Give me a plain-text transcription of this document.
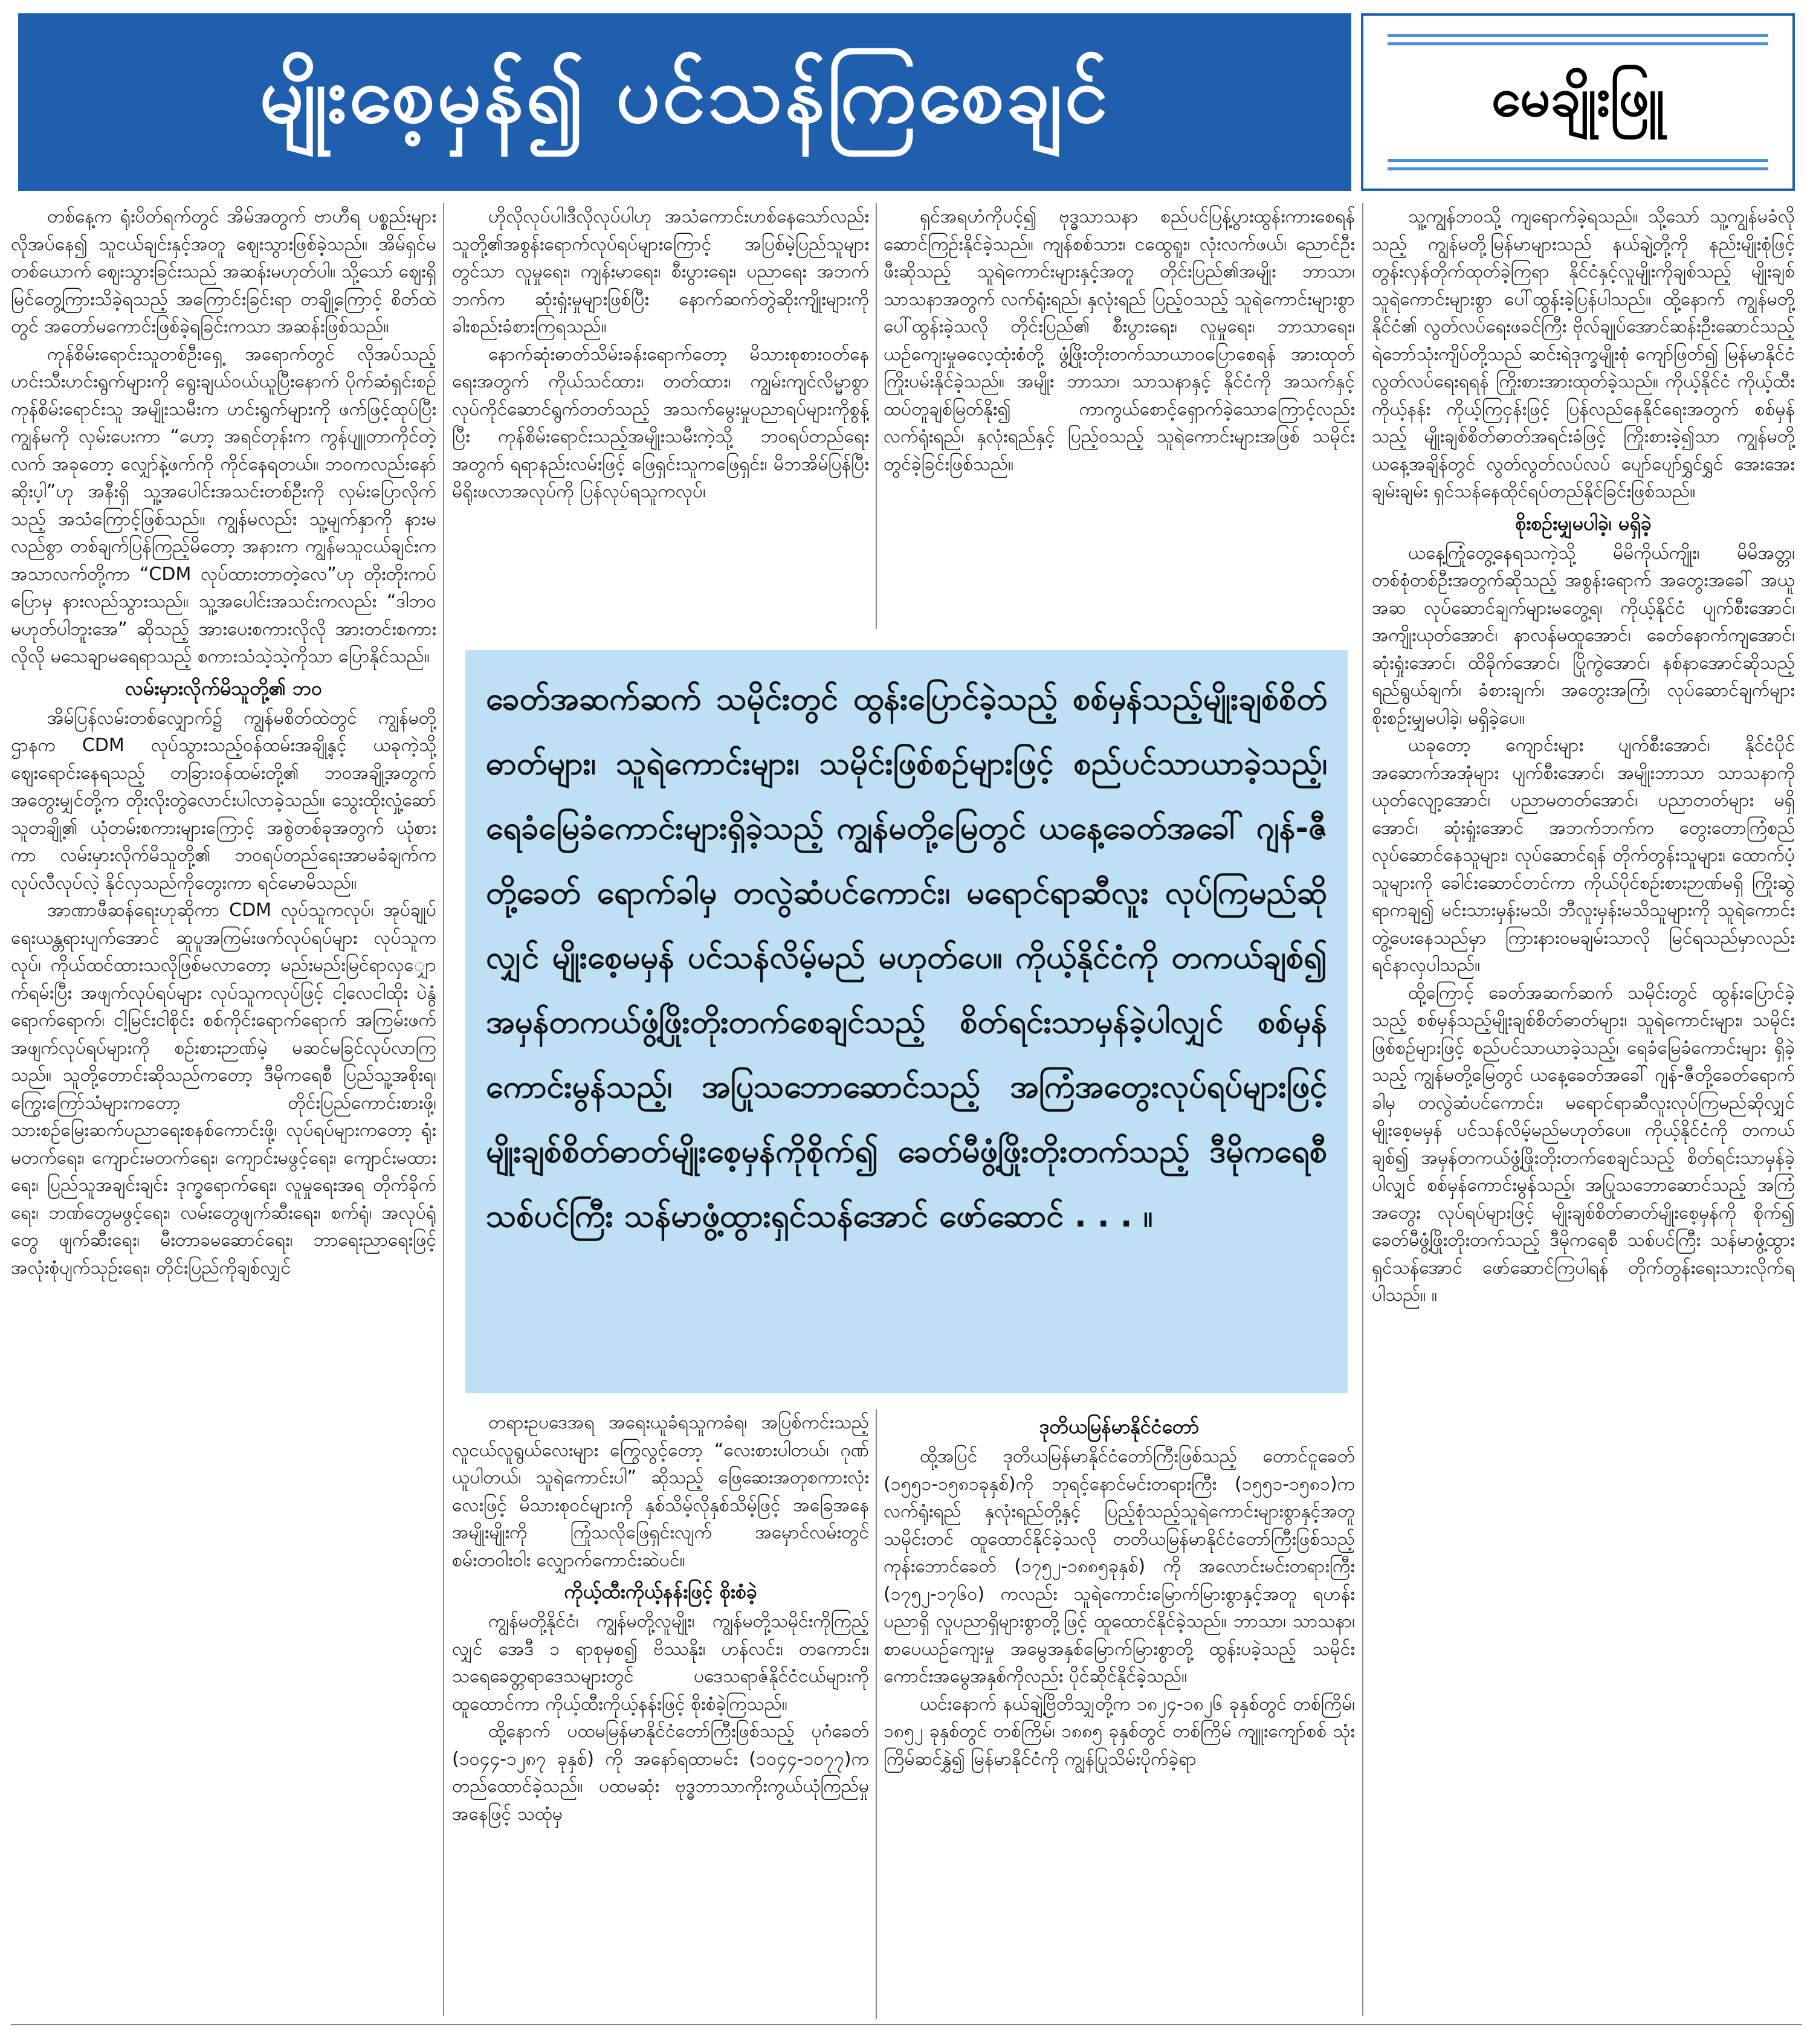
မျိုးစေ့မှန်၍ ပင်သန်ကြစေချင်	မေချိုးဖြူ

တစ်နေ့က ရုံးပိတ်ရက်တွင် အိမ်အတွက် ဗာဟီရ ပစ္စည်းများလိုအပ်နေ၍ သူငယ်ချင်းနှင့်အတူ ဈေးသွားဖြစ်ခဲ့သည်။ အိမ်ရှင်မတစ်ယောက် ဈေးသွားခြင်းသည် အဆန်းမဟုတ်ပါ။ သို့သော် ဈေးရှိ မြင်တွေ့ကြားသိခဲ့ရသည့် အကြောင်းခြင်းရာ တချို့ကြောင့် စိတ်ထဲတွင် အတော်မကောင်းဖြစ်ခဲ့ရခြင်းကသာ အဆန်းဖြစ်သည်။

ကုန်စိမ်းရောင်းသူတစ်ဦးရှေ့ အရောက်တွင် လိုအပ်သည့်ဟင်းသီးဟင်းရွက်များကို ရွေးချယ်ဝယ်ယူပြီးနောက် ပိုက်ဆံရှင်းစဉ် ကုန်စိမ်းရောင်းသူ အမျိုးသမီးက ဟင်းရွက်များကို ဖက်ဖြင့်ထုပ်ပြီး ကျွန်မကို လှမ်းပေးကာ “ဟော့ အရင်တုန်းက ကွန်ပျူတာကိုင်တဲ့လက် အခုတော့ လျှော်နဲ့ဖက်ကို ကိုင်နေရတယ်။ ဘဝကလည်းနော် ဆိုးပ့ါ”ဟု အနီးရှိ သူ့အပေါင်းအသင်းတစ်ဦးကို လှမ်းပြောလိုက်သည့် အသံကြောင့်ဖြစ်သည်။ ကျွန်မလည်း သူ့မျက်နှာကို နားမလည်စွာ တစ်ချက်ပြန်ကြည့်မိတော့ အနားက ကျွန်မသူငယ်ချင်းက အသာလက်တို့ကာ “CDM လုပ်ထားတာတဲ့လေ”ဟု တိုးတိုးကပ်ပြောမှ နားလည်သွားသည်။ သူ့အပေါင်းအသင်းကလည်း “ဒါဘဝမဟုတ်ပါဘူးအေ” ဆိုသည့် အားပေးစကားလိုလို အားတင်းစကားလိုလို မသေချာမရေရာသည့် စကားသံသဲ့သဲ့ကိုသာ ပြောနိုင်သည်။

လမ်းမှားလိုက်မိသူတို့၏ ဘဝ

အိမ်ပြန်လမ်းတစ်လျှောက်၌ ကျွန်မစိတ်ထဲတွင် ကျွန်မတို့ဌာနက CDM လုပ်သွားသည့်ဝန်ထမ်းအချို့နှင့် ယခုကဲ့သို့ ဈေးရောင်းနေရသည့် တခြားဝန်ထမ်းတို့၏ ဘဝအချို့အတွက် အတွေးမျှင်တို့က တိုးလိုးတွဲလောင်းပါလာခဲ့သည်။ သွေးထိုးလှုံ့ဆော်သူတချို့၏ ယုံတမ်းစကားများကြောင့် အစွဲတစ်ခုအတွက် ယုံစားကာ လမ်းမှားလိုက်မိသူတို့၏ ဘဝရပ်တည်ရေးအာမခံချက်က လုပ်လီလုပ်လဲ့ နိုင်လှသည်ကိုတွေးကာ ရင်မောမိသည်။

အာဏာဖီဆန်ရေးဟုဆိုကာ CDM လုပ်သူကလုပ်၊ အုပ်ချုပ်ရေးယန္တရားပျက်အောင် ဆူပူအကြမ်းဖက်လုပ်ရပ်များ လုပ်သူကလုပ်၊ ကိုယ်ထင်ထားသလိုဖြစ်မလာတော့ မည်းမည်းမြင်ရာလှျှောက်ရမ်းပြီး အဖျက်လုပ်ရပ်များ လုပ်သူကလုပ်ဖြင့် ငါ့လေငါထိုး ပဲနွံရောက်ရောက်၊ ငါ့မြင်းငါစိုင်း စစ်ကိုင်းရောက်ရောက် အကြမ်းဖက်အဖျက်လုပ်ရပ်များကို စဉ်းစားဉာဏ်မဲ့ မဆင်မခြင်လုပ်လာကြသည်။ သူတို့တောင်းဆိုသည်ကတော့ ဒီမိုကရေစီ ပြည်သူ့အစိုးရ၊ ကြွေးကြော်သံများကတော့ တိုင်းပြည်ကောင်းစားဖို့၊ သားစဉ်မြေးဆက်ပညာရေးစနစ်ကောင်းဖို့၊ လုပ်ရပ်များကတော့ ရုံးမတက်ရေး၊ ကျောင်းမတက်ရေး၊ ကျောင်းမဖွင့်ရေး၊ ကျောင်းမထားရေး၊ ပြည်သူအချင်းချင်း ဒုက္ခရောက်ရေး၊ လူမှုရေးအရ တိုက်ခိုက်ရေး၊ ဘဏ်တွေမဖွင့်ရေး၊ လမ်းတွေဖျက်ဆီးရေး၊ စက်ရုံ၊ အလုပ်ရုံတွေ ဖျက်ဆီးရေး၊ မီးတာခမဆောင်ရေး၊ ဘာရေးညာရေးဖြင့် အလုံးစုံပျက်သုဉ်းရေး၊ တိုင်းပြည်ကိုချစ်လျှင်

ဟိုလိုလုပ်ပါ၊ဒီလိုလုပ်ပါဟု အသံကောင်းဟစ်နေသော်လည်း သူတို့၏အစွန်းရောက်လုပ်ရပ်များကြောင့် အပြစ်မဲ့ပြည်သူများတွင်သာ လူမှုရေး၊ ကျန်းမာရေး၊ စီးပွားရေး၊ ပညာရေး အဘက်ဘက်က ဆုံးရှုံးမှုများဖြစ်ပြီး နောက်ဆက်တွဲဆိုးကျိုးများကို ခါးစည်းခံစားကြရသည်။

နောက်ဆုံးဓာတ်သိမ်းခန်းရောက်တော့ မိသားစုစားဝတ်နေရေးအတွက် ကိုယ်သင်ထား၊ တတ်ထား၊ ကျွမ်းကျင်လိမ္မာစွာ လုပ်ကိုင်ဆောင်ရွက်တတ်သည့် အသက်မွေးမှုပညာရပ်များကိုစွန့်ပြီး ကုန်စိမ်းရောင်းသည့်အမျိုးသမီးကဲ့သို့ ဘဝရပ်တည်ရေးအတွက် ရရာနည်းလမ်းဖြင့် ဖြေရှင်းသူကဖြေရှင်း၊ မိဘအိမ်ပြန်ပြီး မိရိုးဖလာအလုပ်ကို ပြန်လုပ်ရသူကလုပ်၊

ရှင်အရဟံကိုပင့်၍ ဗုဒ္ဓသာသနာ စည်ပင်ပြန့်ပွားထွန်းကားစေရန် ဆောင်ကြဉ်းနိုင်ခဲ့သည်။ ကျန်စစ်သား၊ ငထွေရူး၊ လုံးလက်ဖယ်၊ ညောင်ဦးဖီးဆိုသည့် သူရဲကောင်းများနှင့်အတူ တိုင်းပြည်၏အမျိုး ဘာသာ၊ သာသနာအတွက် လက်ရုံးရည်၊ နှလုံးရည် ပြည့်ဝသည့် သူရဲကောင်းများစွာပေါ်ထွန်းခဲ့သလို တိုင်းပြည်၏ စီးပွားရေး၊ လူမှုရေး၊ ဘာသာရေး၊ ယဉ်ကျေးမှုဓလေ့ထုံးစံတို့ ဖွံ့ဖြိုးတိုးတက်သာယာဝပြောစေရန် အားထုတ်ကြိုးပမ်းနိုင်ခဲ့သည်။ အမျိုး ဘာသာ၊ သာသနာနှင့် နိုင်ငံကို အသက်နှင့်ထပ်တူချစ်မြတ်နိုး၍ ကာကွယ်စောင့်ရှောက်ခဲ့သောကြောင့်လည်း လက်ရုံးရည်၊ နှလုံးရည်နှင့် ပြည့်ဝသည့် သူရဲကောင်းများအဖြစ် သမိုင်းတွင်ခဲ့ခြင်းဖြစ်သည်။

သူ့ကျွန်ဘဝသို့ ကျရောက်ခဲ့ရသည်။ သို့သော် သူ့ကျွန်မခံလိုသည့် ကျွန်မတို့မြန်မာများသည် နယ်ချဲ့တို့ကို နည်းမျိုးစုံဖြင့် တွန်းလှန်တိုက်ထုတ်ခဲ့ကြရာ နိုင်ငံနှင့်လူမျိုးကိုချစ်သည့် မျိုးချစ်သူရဲကောင်းများစွာ ပေါ်ထွန်းခဲ့ပြန်ပါသည်။ ထို့နောက် ကျွန်မတို့နိုင်ငံ၏ လွတ်လပ်ရေးဖခင်ကြီး ဗိုလ်ချုပ်အောင်ဆန်းဦးဆောင်သည့် ရဲဘော်သုံးကျိပ်တို့သည် ဆင်းရဲဒုက္ခမျိုးစုံ ကျော်ဖြတ်၍ မြန်မာနိုင်ငံလွတ်လပ်ရေးရရန် ကြိုးစားအားထုတ်ခဲ့သည်။ ကိုယ့်နိုင်ငံ ကိုယ့်ထီးကိုယ့်နန်း ကိုယ့်ကြငှန်းဖြင့် ပြန်လည်နေနိုင်ရေးအတွက် စစ်မှန်သည့် မျိုးချစ်စိတ်ဓာတ်အရင်းခံဖြင့် ကြိုးစားခဲ့၍သာ ကျွန်မတို့ ယနေ့အချိန်တွင် လွတ်လွတ်လပ်လပ် ပျော်ပျော်ရွှင်ရွှင် အေးအေးချမ်းချမ်း ရှင်သန်နေထိုင်ရပ်တည်နိုင်ခြင်းဖြစ်သည်။

စိုးစဉ်းမျှမပါခဲ့၊ မရှိခဲ့

ယနေ့ကြုံတွေ့နေရသကဲ့သို့ မိမိကိုယ်ကျိုး၊ မိမိအတ္တ၊ တစ်စုံတစ်ဦးအတွက်ဆိုသည့် အစွန်းရောက် အတွေးအခေါ် အယူအဆ လုပ်ဆောင်ချက်များမတွေ့ရ၊ ကိုယ့်နိုင်ငံ ပျက်စီးအောင်၊ အကျိုးယုတ်အောင်၊ နာလန်မထူအောင်၊ ခေတ်နောက်ကျအောင်၊ ဆုံးရှုံးအောင်၊ ထိခိုက်အောင်၊ ပြိုကွဲအောင်၊ နစ်နာအောင်ဆိုသည့် ရည်ရွယ်ချက်၊ ခံစားချက်၊ အတွေးအကြံ၊ လုပ်ဆောင်ချက်များ စိုးစဉ်းမျှမပါခဲ့၊ မရှိခဲ့ပေ။

ယခုတော့ ကျောင်းများ ပျက်စီးအောင်၊ နိုင်ငံပိုင်အဆောက်အအုံများ ပျက်စီးအောင်၊ အမျိုးဘာသာ သာသနာကို ယုတ်လျော့အောင်၊ ပညာမတတ်အောင်၊ ပညာတတ်များ မရှိအောင်၊ ဆုံးရှုံးအောင် အဘက်ဘက်က တွေးတောကြံစည်လုပ်ဆောင်နေသူများ၊ လုပ်ဆောင်ရန် တိုက်တွန်းသူများ၊ ထောက်ပံ့သူများကို ခေါင်းဆောင်တင်ကာ ကိုယ်ပိုင်စဉ်းစားဉာဏ်မရှိ ကြိုးဆွဲရာကချ၍ မင်းသားမှန်းမသိ၊ ဘီလူးမှန်းမသိသူများကို သူရဲကောင်းတွဲ့ပေးနေသည်မှာ ကြားနားဝမချမ်းသာလို မြင်ရသည်မှာလည်း ရင်နာလှပါသည်။

ထို့ကြောင့် ခေတ်အဆက်ဆက် သမိုင်းတွင် ထွန်းပြောင်ခဲ့သည့် စစ်မှန်သည့်မျိုးချစ်စိတ်ဓာတ်များ၊ သူရဲကောင်းများ၊ သမိုင်းဖြစ်စဉ်များဖြင့် စည်ပင်သာယာခဲ့သည့်၊ ရေခံမြေခံကောင်းများ ရှိခဲ့သည့် ကျွန်မတို့မြေတွင် ယနေ့ခေတ်အခေါ် ဂျန်-ဇီတို့ခေတ်ရောက်ခါမှ တလွဲဆံပင်ကောင်း၊ မရောင်ရာဆီလူးလုပ်ကြမည်ဆိုလျှင် မျိုးစေ့မမှန် ပင်သန်လိမ့်မည်မဟုတ်ပေ။ ကိုယ့်နိုင်ငံကို တကယ်ချစ်၍ အမှန်တကယ်ဖွံ့ဖြိုးတိုးတက်စေချင်သည့် စိတ်ရင်းသာမှန်ခဲ့ပါလျှင် စစ်မှန်ကောင်းမွန်သည့်၊ အပြုသဘောဆောင်သည့် အကြံအတွေး လုပ်ရပ်များဖြင့် မျိုးချစ်စိတ်ဓာတ်မျိုးစေ့မှန်ကို စိုက်၍ ခေတ်မီဖွံ့ဖြိုးတိုးတက်သည့် ဒီမိုကရေစီ သစ်ပင်ကြီး သန်မာဖွံ့ထွားရှင်သန်အောင် ဖော်ဆောင်ကြပါရန် တိုက်တွန်းရေးသားလိုက်ရပါသည်။ ။

ခေတ်အဆက်ဆက် သမိုင်းတွင် ထွန်းပြောင်ခဲ့သည့် စစ်မှန်သည့်မျိုးချစ်စိတ်ဓာတ်များ၊ သူရဲကောင်းများ၊ သမိုင်းဖြစ်စဉ်များဖြင့် စည်ပင်သာယာခဲ့သည့်၊ ရေခံမြေခံကောင်းများရှိခဲ့သည့် ကျွန်မတို့မြေတွင် ယနေ့ခေတ်အခေါ် ဂျန်-ဇီတို့ခေတ် ရောက်ခါမှ တလွဲဆံပင်ကောင်း၊ မရောင်ရာဆီလူး လုပ်ကြမည်ဆိုလျှင် မျိုးစေ့မမှန် ပင်သန်လိမ့်မည် မဟုတ်ပေ။ ကိုယ့်နိုင်ငံကို တကယ်ချစ်၍ အမှန်တကယ်ဖွံ့ဖြိုးတိုးတက်စေချင်သည့် စိတ်ရင်းသာမှန်ခဲ့ပါလျှင် စစ်မှန်ကောင်းမွန်သည့်၊ အပြုသဘောဆောင်သည့် အကြံအတွေးလုပ်ရပ်များဖြင့် မျိုးချစ်စိတ်ဓာတ်မျိုးစေ့မှန်ကိုစိုက်၍ ခေတ်မီဖွံ့ဖြိုးတိုးတက်သည့် ဒီမိုကရေစီသစ်ပင်ကြီး သန်မာဖွံ့ထွားရှင်သန်အောင် ဖော်ဆောင် . . . ။

တရားဥပဒေအရ အရေးယူခံရသူကခံရ၊ အပြစ်ကင်းသည့်လူငယ်လူရွယ်လေးများ ကြွေလွင့်တော့ “လေးစားပါတယ်၊ ဂုဏ်ယူပါတယ်၊ သူရဲကောင်းပါ” ဆိုသည့် ဖြေဆေးအတုစကားလုံးလေးဖြင့် မိသားစုဝင်များကို နှစ်သိမ့်လိုနှစ်သိမ့်ဖြင့် အခြေအနေ အမျိုးမျိုးကို ကြုံသလိုဖြေရှင်းလျက် အမှောင်လမ်းတွင် စမ်းတဝါးဝါး လျှောက်ကောင်းဆဲပင်။

ကိုယ့်ထီးကိုယ့်နန်းဖြင့် စိုးစံခဲ့

ကျွန်မတို့နိုင်ငံ၊ ကျွန်မတို့လူမျိုး၊ ကျွန်မတို့သမိုင်းကိုကြည့်လျှင် အေဒီ ၁ ရာစုမှစ၍ ဗိဿနိုး၊ ဟန်လင်း၊ တကောင်း၊ သရေခေတ္တရာဒေသများတွင် ပဒေသရာဇ်နိုင်ငံငယ်များကို ထူထောင်ကာ ကိုယ့်ထီးကိုယ့်နန်းဖြင့် စိုးစံခဲ့ကြသည်။

ထို့နောက် ပထမမြန်မာနိုင်ငံတော်ကြီးဖြစ်သည့် ပုဂံခေတ် (၁၀၄၄-၁၂၈၇ ခုနှစ်) ကို အနော်ရထာမင်း (၁၀၄၄-၁၀၇၇)က တည်ထောင်ခဲ့သည်။ ပထမဆုံး ဗုဒ္ဓဘာသာကိုးကွယ်ယုံကြည်မှုအနေဖြင့် သထုံမှ

ဒုတိယမြန်မာနိုင်ငံတော်

ထို့အပြင် ဒုတိယမြန်မာနိုင်ငံတော်ကြီးဖြစ်သည့် တောင်ငူခေတ် (၁၅၅၁-၁၅၈၁ခုနှစ်)ကို ဘုရင့်နောင်မင်းတရားကြီး (၁၅၅၁-၁၅၈၁)က လက်ရုံးရည် နှလုံးရည်တို့နှင့် ပြည့်စုံသည့်သူရဲကောင်းများစွာနှင့်အတူ သမိုင်းတင် ထူထောင်နိုင်ခဲ့သလို တတိယမြန်မာနိုင်ငံတော်ကြီးဖြစ်သည့် ကုန်းဘောင်ခေတ် (၁၇၅၂-၁၈၈၅ခုနှစ်) ကို အလောင်းမင်းတရားကြီး (၁၇၅၂-၁၇၆၀) ကလည်း သူရဲကောင်းမြောက်မြားစွာနှင့်အတူ ရဟန်းပညာရှိ လူပညာရှိများစွာတို့ဖြင့် ထူထောင်နိုင်ခဲ့သည်။ ဘာသာ၊ သာသနာ၊ စာပေယဉ်ကျေးမှု အမွေအနှစ်မြောက်မြားစွာတို့ ထွန်းပခဲ့သည့် သမိုင်းကောင်းအမွေအနှစ်ကိုလည်း ပိုင်ဆိုင်နိုင်ခဲ့သည်။

ယင်းနောက် နယ်ချဲ့ဗြိတိသျှတို့က ၁၈၂၄-၁၈၂၆ ခုနှစ်တွင် တစ်ကြိမ်၊ ၁၈၅၂ ခုနှစ်တွင် တစ်ကြိမ်၊ ၁၈၈၅ ခုနှစ်တွင် တစ်ကြိမ် ကျူးကျော်စစ် သုံးကြိမ်ဆင်နွှဲ၍ မြန်မာနိုင်ငံကို ကျွန်ပြုသိမ်းပိုက်ခဲ့ရာ
